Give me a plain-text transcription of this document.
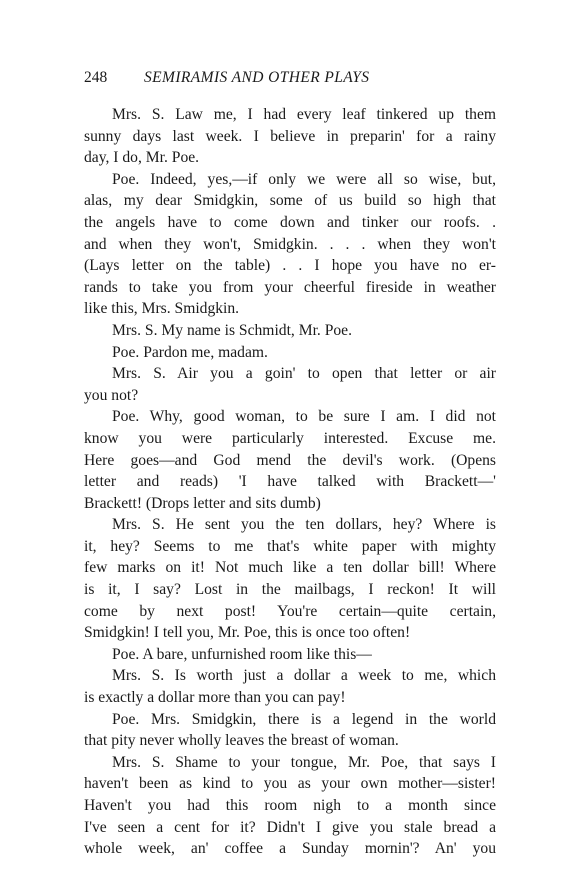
248 SEMIRAMIS AND OTHER PLAYS
Mrs. S. Law me, I had every leaf tinkered up them
sunny days last week. I believe in preparin' for a rainy
day, I do, Mr. Poe.
Poe. Indeed, yes,—if only we were all so wise, but,
alas, my dear Smidgkin, some of us build so high that
the angels have to come down and tinker our roofs. .
and when they won't, Smidgkin. . . . when they won't
(Lays letter on the table) . . I hope you have no er-
rands to take you from your cheerful fireside in weather
like this, Mrs. Smidgkin.
Mrs. S. My name is Schmidt, Mr. Poe.
Poe. Pardon me, madam.
Mrs. S. Air you a goin' to open that letter or air
you not?
Poe. Why, good woman, to be sure I am. I did not
know you were particularly interested. Excuse me.
Here goes—and God mend the devil's work. (Opens
letter and reads) 'I have talked with Brackett—'
Brackett! (Drops letter and sits dumb)
Mrs. S. He sent you the ten dollars, hey? Where is
it, hey? Seems to me that's white paper with mighty
few marks on it! Not much like a ten dollar bill! Where
is it, I say? Lost in the mailbags, I reckon! It will
come by next post! You're certain—quite certain,
Smidgkin! I tell you, Mr. Poe, this is once too often!
Poe. A bare, unfurnished room like this—
Mrs. S. Is worth just a dollar a week to me, which
is exactly a dollar more than you can pay!
Poe. Mrs. Smidgkin, there is a legend in the world
that pity never wholly leaves the breast of woman.
Mrs. S. Shame to your tongue, Mr. Poe, that says I
haven't been as kind to you as your own mother—sister!
Haven't you had this room nigh to a month since
I've seen a cent for it? Didn't I give you stale bread a
whole week, an' coffee a Sunday mornin'? An' you
